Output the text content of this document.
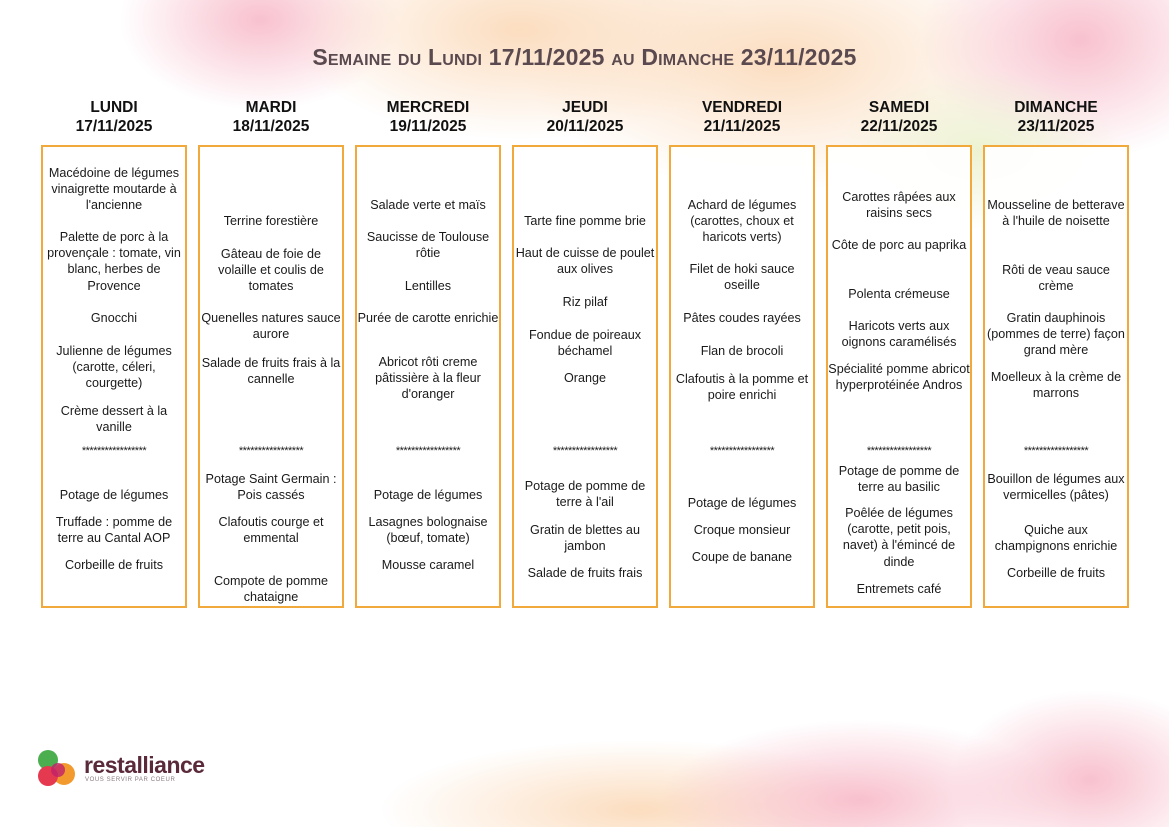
Semaine du Lundi 17/11/2025 au Dimanche 23/11/2025
LUNDI
17/11/2025
Macédoine de légumes vinaigrette moutarde à l'ancienne
Palette de porc à la provençale : tomate, vin blanc, herbes de Provence
Gnocchi
Julienne de légumes (carotte, céleri, courgette)
Crème dessert à la vanille
*****************
Potage de légumes
Truffade : pomme de terre au Cantal AOP
Corbeille de fruits
MARDI
18/11/2025
Terrine forestière
Gâteau de foie de volaille et coulis de tomates
Quenelles natures sauce aurore
Salade de fruits frais à la cannelle
*****************
Potage Saint Germain : Pois cassés
Clafoutis courge et emmental
Compote de pomme chataigne
MERCREDI
19/11/2025
Salade verte et maïs
Saucisse de Toulouse rôtie
Lentilles
Purée de carotte enrichie
Abricot rôti creme pâtissière à la fleur d'oranger
*****************
Potage de légumes
Lasagnes bolognaise (bœuf, tomate)
Mousse caramel
JEUDI
20/11/2025
Tarte fine pomme brie
Haut de cuisse de poulet aux olives
Riz pilaf
Fondue de poireaux béchamel
Orange
*****************
Potage de pomme de terre à l'ail
Gratin de blettes au jambon
Salade de fruits frais
VENDREDI
21/11/2025
Achard de légumes (carottes, choux et haricots verts)
Filet de hoki sauce oseille
Pâtes coudes rayées
Flan de brocoli
Clafoutis à la pomme et poire enrichi
*****************
Potage de légumes
Croque monsieur
Coupe de banane
SAMEDI
22/11/2025
Carottes râpées aux raisins secs
Côte de porc au paprika
Polenta crémeuse
Haricots verts aux oignons caramélisés
Spécialité pomme abricot hyperprotéinée Andros
*****************
Potage de pomme de terre au basilic
Poêlée de légumes (carotte, petit pois, navet) à l'émincé de dinde
Entremets café
DIMANCHE
23/11/2025
Mousseline de betterave à l'huile de noisette
Rôti de veau sauce crème
Gratin dauphinois (pommes de terre) façon grand mère
Moelleux à la crème de marrons
*****************
Bouillon de légumes aux vermicelles (pâtes)
Quiche aux champignons enrichie
Corbeille de fruits
restalliance
VOUS SERVIR PAR COEUR
